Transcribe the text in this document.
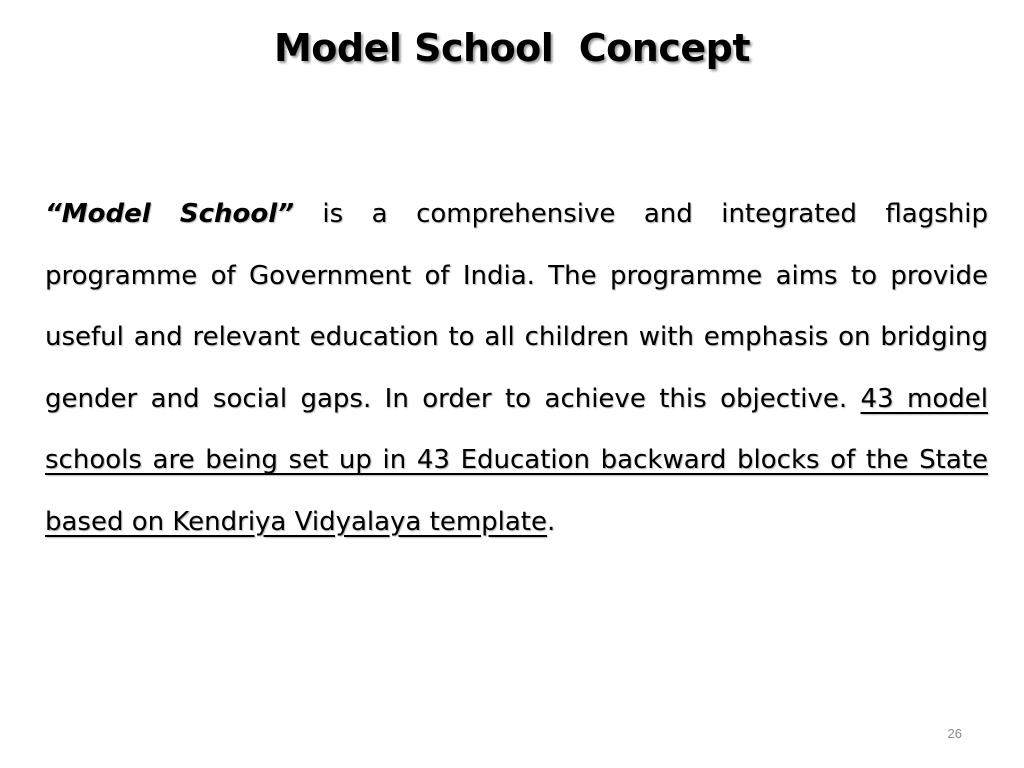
Model School  Concept

“Model School” is a comprehensive and integrated flagship programme of Government of India. The programme aims to provide useful and relevant education to all children with emphasis on bridging gender and social gaps. In order to achieve this objective. 43 model schools are being set up in 43 Education backward blocks of the State based on Kendriya Vidyalaya template.

26
